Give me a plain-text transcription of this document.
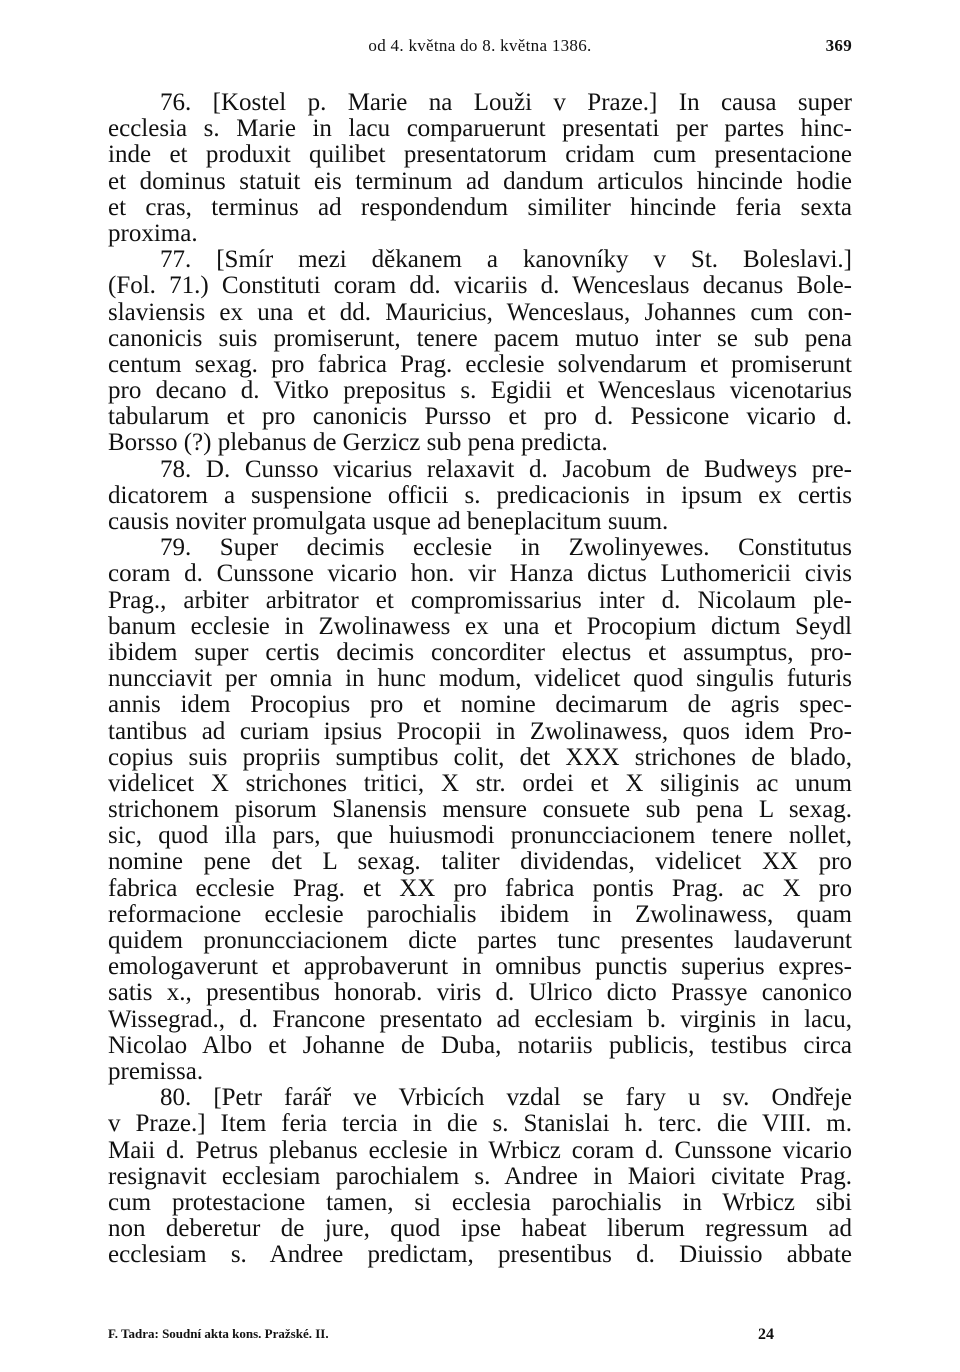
od 4. května do 8. května 1386.	369
76. [Kostel p. Marie na Louži v Praze.] In causa super
ecclesia s. Marie in lacu comparuerunt presentati per partes hinc-
inde et produxit quilibet presentatorum cridam cum presentacione
et dominus statuit eis terminum ad dandum articulos hincinde hodie
et cras, terminus ad respondendum similiter hincinde feria sexta
proxima.
77. [Smír mezi děkanem a kanovníky v St. Boleslavi.]
(Fol. 71.) Constituti coram dd. vicariis d. Wenceslaus decanus Bole-
slaviensis ex una et dd. Mauricius, Wenceslaus, Johannes cum con-
canonicis suis promiserunt, tenere pacem mutuo inter se sub pena
centum sexag. pro fabrica Prag. ecclesie solvendarum et promiserunt
pro decano d. Vitko prepositus s. Egidii et Wenceslaus vicenotarius
tabularum et pro canonicis Pursso et pro d. Pessicone vicario d.
Borsso (?) plebanus de Gerzicz sub pena predicta.
78. D. Cunsso vicarius relaxavit d. Jacobum de Budweys pre-
dicatorem a suspensione officii s. predicacionis in ipsum ex certis
causis noviter promulgata usque ad beneplacitum suum.
79. Super decimis ecclesie in Zwolinyewes. Constitutus
coram d. Cunssone vicario hon. vir Hanza dictus Luthomericii civis
Prag., arbiter arbitrator et compromissarius inter d. Nicolaum ple-
banum ecclesie in Zwolinawess ex una et Procopium dictum Seydl
ibidem super certis decimis concorditer electus et assumptus, pro-
nuncciavit per omnia in hunc modum, videlicet quod singulis futuris
annis idem Procopius pro et nomine decimarum de agris spec-
tantibus ad curiam ipsius Procopii in Zwolinawess, quos idem Pro-
copius suis propriis sumptibus colit, det XXX strichones de blado,
videlicet X strichones tritici, X str. ordei et X siliginis ac unum
strichonem pisorum Slanensis mensure consuete sub pena L sexag.
sic, quod illa pars, que huiusmodi pronuncciacionem tenere nollet,
nomine pene det L sexag. taliter dividendas, videlicet XX pro
fabrica ecclesie Prag. et XX pro fabrica pontis Prag. ac X pro
reformacione ecclesie parochialis ibidem in Zwolinawess, quam
quidem pronuncciacionem dicte partes tunc presentes laudaverunt
emologaverunt et approbaverunt in omnibus punctis superius expres-
satis x., presentibus honorab. viris d. Ulrico dicto Prassye canonico
Wissegrad., d. Francone presentato ad ecclesiam b. virginis in lacu,
Nicolao Albo et Johanne de Duba, notariis publicis, testibus circa
premissa.
80. [Petr farář ve Vrbicích vzdal se fary u sv. Ondřeje
v Praze.] Item feria tercia in die s. Stanislai h. terc. die VIII. m.
Maii d. Petrus plebanus ecclesie in Wrbicz coram d. Cunssone vicario
resignavit ecclesiam parochialem s. Andree in Maiori civitate Prag.
cum protestacione tamen, si ecclesia parochialis in Wrbicz sibi
non deberetur de jure, quod ipse habeat liberum regressum ad
ecclesiam s. Andree predictam, presentibus d. Diuissio abbate
F. Tadra: Soudní akta kons. Pražské. II.	24
